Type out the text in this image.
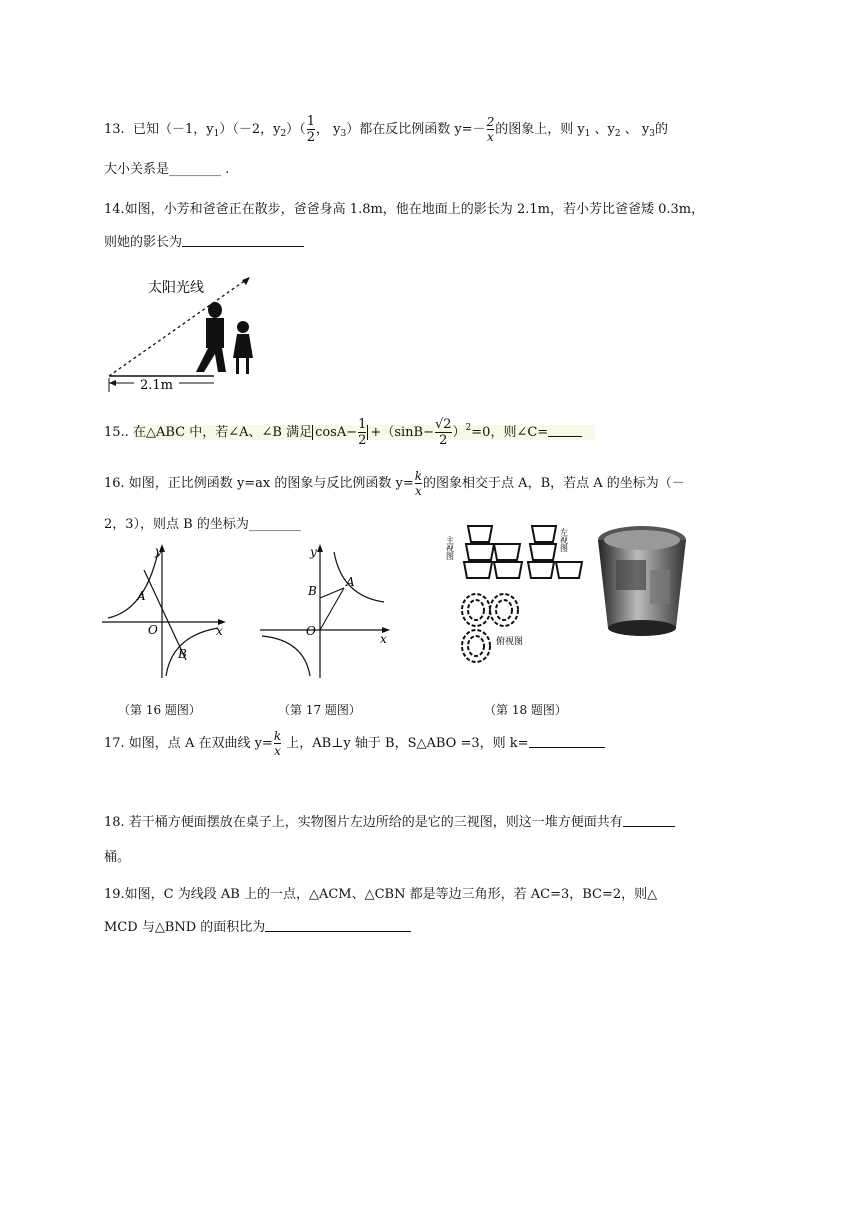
13. 已知（－1，$y_1)(-2$，$y_2)( \frac{1}{2}$ ， $y_3$）都在反比例函数 $y=- \frac{2}{x}$ 的图象上，则 $y_1$ 、$y_2$ 、 $y_3$的
大小关系是________ .
14.如图，小芳和爸爸正在散步，爸爸身高 1.8m，他在地面上的影长为 2.1m，若小芳比爸爸矮 0.3m，
则她的影长为
太阳光线
2.1m
15.. 在△ABC 中，若∠A、∠B 满足 $\cos A- \frac{1}{2} +(\sin B- \frac{√2}{2} )^2=0$，则∠C=
16. 如图，正比例函数 y=ax 的图象与反比例函数 $y= \frac{k}{x}$ 的图象相交于点 A，B，若点 A 的坐标为（－
2，3），则点 B 的坐标为________
y
x
O
A
B
y
x
O
B
A
主视图	左视图
俯视图
（第 16 题图）	（第 17 题图）	（第 18 题图）
17. 如图，点 A 在双曲线 $y= \frac{k}{x}$ 上，AB⊥y 轴于 B，S△ABO =3，则 k=
18. 若干桶方便面摆放在桌子上，实物图片左边所给的是它的三视图，则这一堆方便面共有
桶。
19.如图，C 为线段 AB 上的一点，△ACM、△CBN 都是等边三角形，若 AC=3，BC=2，则△
MCD 与△BND 的面积比为
